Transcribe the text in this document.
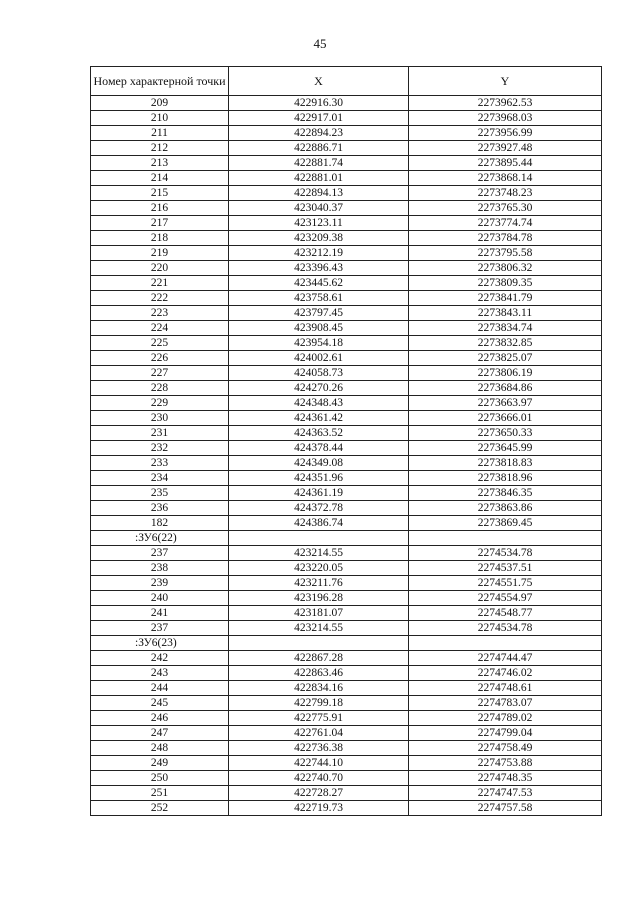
45
Номер характерной точки	X	Y
209	422916.30	2273962.53
210	422917.01	2273968.03
211	422894.23	2273956.99
212	422886.71	2273927.48
213	422881.74	2273895.44
214	422881.01	2273868.14
215	422894.13	2273748.23
216	423040.37	2273765.30
217	423123.11	2273774.74
218	423209.38	2273784.78
219	423212.19	2273795.58
220	423396.43	2273806.32
221	423445.62	2273809.35
222	423758.61	2273841.79
223	423797.45	2273843.11
224	423908.45	2273834.74
225	423954.18	2273832.85
226	424002.61	2273825.07
227	424058.73	2273806.19
228	424270.26	2273684.86
229	424348.43	2273663.97
230	424361.42	2273666.01
231	424363.52	2273650.33
232	424378.44	2273645.99
233	424349.08	2273818.83
234	424351.96	2273818.96
235	424361.19	2273846.35
236	424372.78	2273863.86
182	424386.74	2273869.45
:ЗУ6(22)		
237	423214.55	2274534.78
238	423220.05	2274537.51
239	423211.76	2274551.75
240	423196.28	2274554.97
241	423181.07	2274548.77
237	423214.55	2274534.78
:ЗУ6(23)		
242	422867.28	2274744.47
243	422863.46	2274746.02
244	422834.16	2274748.61
245	422799.18	2274783.07
246	422775.91	2274789.02
247	422761.04	2274799.04
248	422736.38	2274758.49
249	422744.10	2274753.88
250	422740.70	2274748.35
251	422728.27	2274747.53
252	422719.73	2274757.58
